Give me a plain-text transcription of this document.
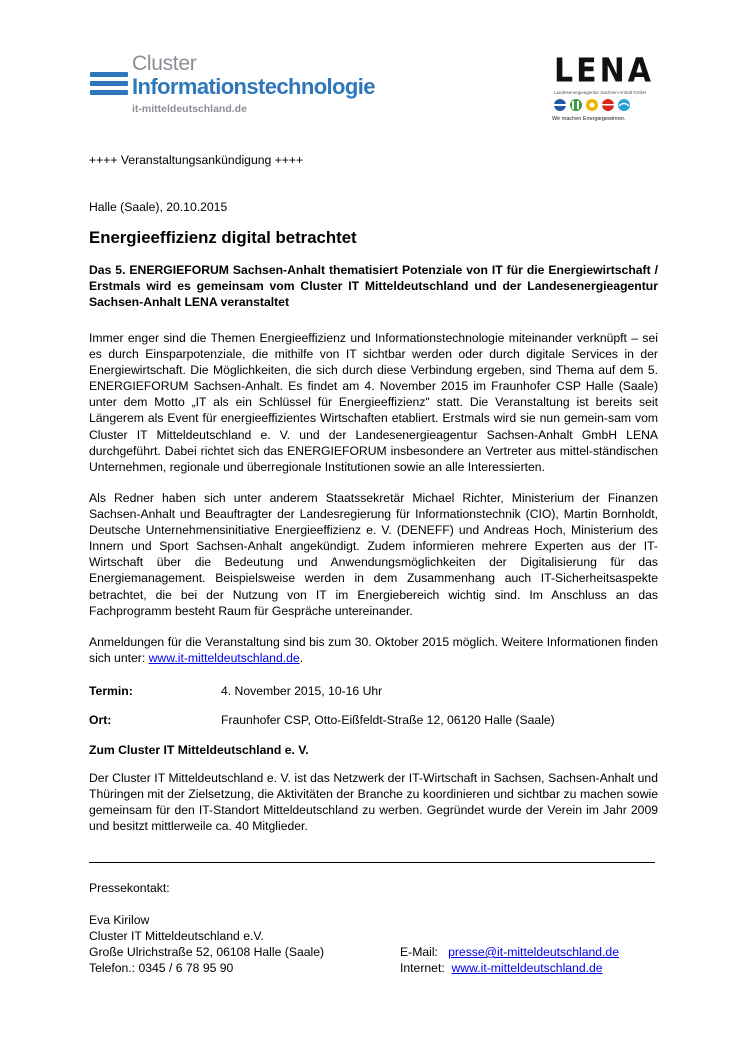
Cluster
Informationstechnologie
it-mitteldeutschland.de
LENA
Landesenergieagentur Sachsen-Anhalt GmbH
Wir machen Energiegewinner.
++++ Veranstaltungsankündigung ++++
Halle (Saale), 20.10.2015
Energieeffizienz digital betrachtet
Das 5. ENERGIEFORUM Sachsen-Anhalt thematisiert Potenziale von IT für die Energiewirtschaft / Erstmals wird es gemeinsam vom Cluster IT Mitteldeutschland und der Landesenergieagentur Sachsen-Anhalt LENA veranstaltet
Immer enger sind die Themen Energieeffizienz und Informationstechnologie miteinander verknüpft – sei es durch Einsparpotenziale, die mithilfe von IT sichtbar werden oder durch digitale Services in der Energiewirtschaft. Die Möglichkeiten, die sich durch diese Verbindung ergeben, sind Thema auf dem 5. ENERGIEFORUM Sachsen-Anhalt. Es findet am 4. November 2015 im Fraunhofer CSP Halle (Saale) unter dem Motto „IT als ein Schlüssel für Energieeffizienz" statt. Die Veranstaltung ist bereits seit Längerem als Event für energieeffizientes Wirtschaften etabliert. Erstmals wird sie nun gemein-sam vom Cluster IT Mitteldeutschland e. V. und der Landesenergieagentur Sachsen-Anhalt GmbH LENA durchgeführt. Dabei richtet sich das ENERGIEFORUM insbesondere an Vertreter aus mittel-ständischen Unternehmen, regionale und überregionale Institutionen sowie an alle Interessierten.
Als Redner haben sich unter anderem Staatssekretär Michael Richter, Ministerium der Finanzen Sachsen-Anhalt und Beauftragter der Landesregierung für Informationstechnik (CIO), Martin Bornholdt, Deutsche Unternehmensinitiative Energieeffizienz e. V. (DENEFF) und Andreas Hoch, Ministerium des Innern und Sport Sachsen-Anhalt angekündigt. Zudem informieren mehrere Experten aus der IT-Wirtschaft über die Bedeutung und Anwendungsmöglichkeiten der Digitalisierung für das Energiemanagement. Beispielsweise werden in dem Zusammenhang auch IT-Sicherheitsaspekte betrachtet, die bei der Nutzung von IT im Energiebereich wichtig sind. Im Anschluss an das Fachprogramm besteht Raum für Gespräche untereinander.
Anmeldungen für die Veranstaltung sind bis zum 30. Oktober 2015 möglich. Weitere Informationen finden sich unter: www.it-mitteldeutschland.de.
Termin:	4. November 2015, 10-16 Uhr
Ort:	Fraunhofer CSP, Otto-Eißfeldt-Straße 12, 06120 Halle (Saale)
Zum Cluster IT Mitteldeutschland e. V.
Der Cluster IT Mitteldeutschland e. V. ist das Netzwerk der IT-Wirtschaft in Sachsen, Sachsen-Anhalt und Thüringen mit der Zielsetzung, die Aktivitäten der Branche zu koordinieren und sichtbar zu machen sowie gemeinsam für den IT-Standort Mitteldeutschland zu werben. Gegründet wurde der Verein im Jahr 2009 und besitzt mittlerweile ca. 40 Mitglieder.
Pressekontakt:
Eva Kirilow
Cluster IT Mitteldeutschland e.V.
Große Ulrichstraße 52, 06108 Halle (Saale)
Telefon.: 0345 / 6 78 95 90
E-Mail: presse@it-mitteldeutschland.de
Internet: www.it-mitteldeutschland.de
